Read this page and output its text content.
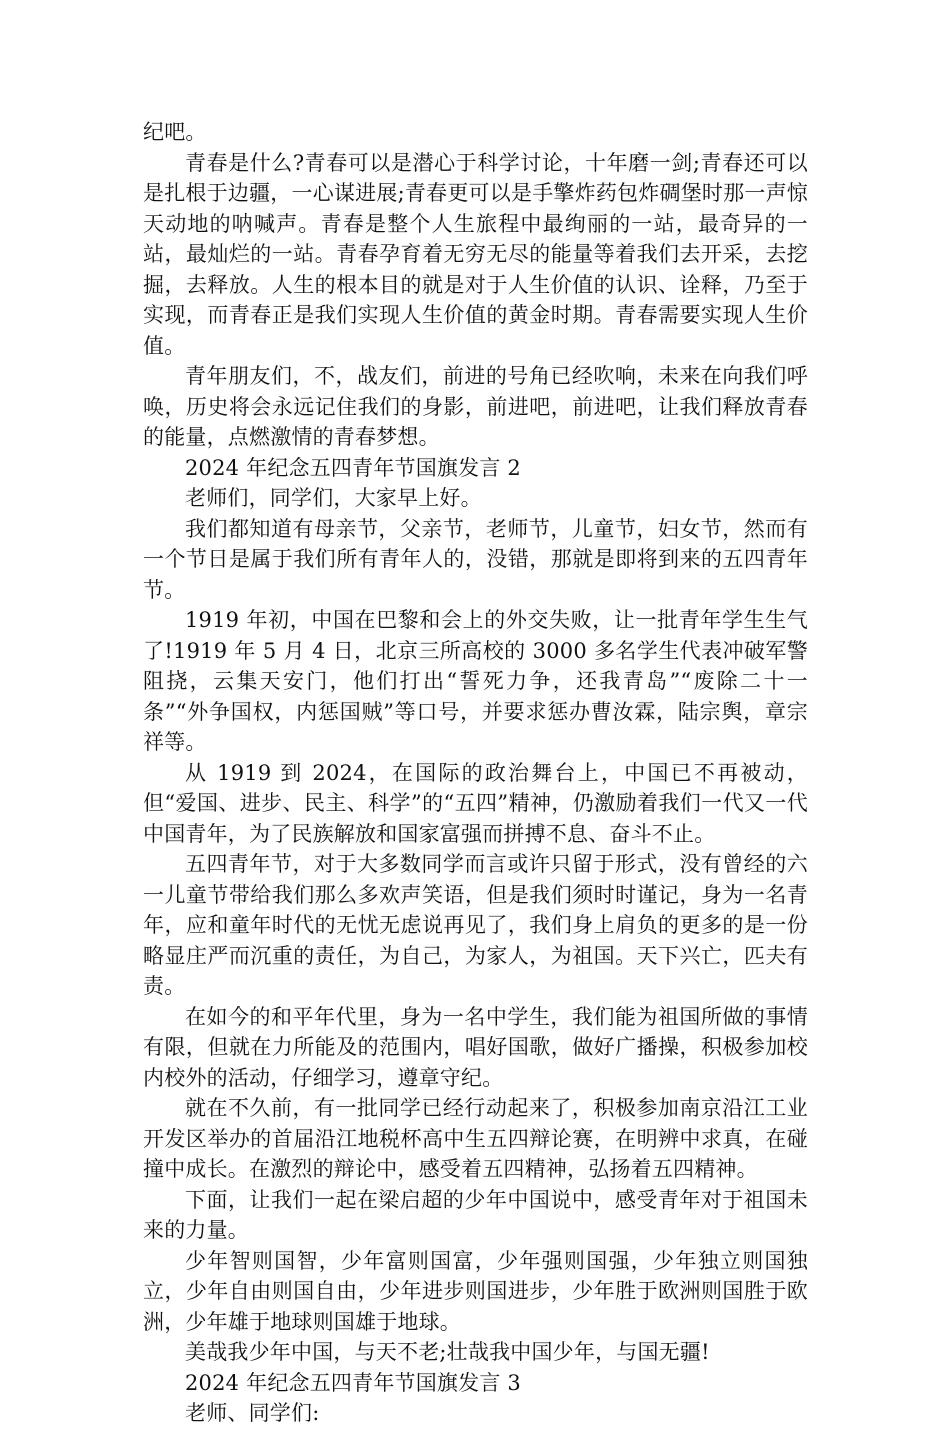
纪吧。

青春是什么?青春可以是潜心于科学讨论，十年磨一剑;青春还可以是扎根于边疆，一心谋进展;青春更可以是手擎炸药包炸碉堡时那一声惊天动地的呐喊声。青春是整个人生旅程中最绚丽的一站，最奇异的一站，最灿烂的一站。青春孕育着无穷无尽的能量等着我们去开采，去挖掘，去释放。人生的根本目的就是对于人生价值的认识、诠释，乃至于实现，而青春正是我们实现人生价值的黄金时期。青春需要实现人生价值。

青年朋友们，不，战友们，前进的号角已经吹响，未来在向我们呼唤，历史将会永远记住我们的身影，前进吧，前进吧，让我们释放青春的能量，点燃激情的青春梦想。

2024 年纪念五四青年节国旗发言 2

老师们，同学们，大家早上好。

我们都知道有母亲节，父亲节，老师节，儿童节，妇女节，然而有一个节日是属于我们所有青年人的，没错，那就是即将到来的五四青年节。

1919 年初，中国在巴黎和会上的外交失败，让一批青年学生生气了!1919 年 5 月 4 日，北京三所高校的 3000 多名学生代表冲破军警阻挠，云集天安门，他们打出“誓死力争，还我青岛”“废除二十一条”“外争国权，内惩国贼”等口号，并要求惩办曹汝霖，陆宗舆，章宗祥等。

从 1919 到 2024，在国际的政治舞台上，中国已不再被动，但“爱国、进步、民主、科学”的“五四”精神，仍激励着我们一代又一代中国青年，为了民族解放和国家富强而拼搏不息、奋斗不止。

五四青年节，对于大多数同学而言或许只留于形式，没有曾经的六一儿童节带给我们那么多欢声笑语，但是我们须时时谨记，身为一名青年，应和童年时代的无忧无虑说再见了，我们身上肩负的更多的是一份略显庄严而沉重的责任，为自己，为家人，为祖国。天下兴亡，匹夫有责。

在如今的和平年代里，身为一名中学生，我们能为祖国所做的事情有限，但就在力所能及的范围内，唱好国歌，做好广播操，积极参加校内校外的活动，仔细学习，遵章守纪。

就在不久前，有一批同学已经行动起来了，积极参加南京沿江工业开发区举办的首届沿江地税杯高中生五四辩论赛，在明辨中求真，在碰撞中成长。在激烈的辩论中，感受着五四精神，弘扬着五四精神。

下面，让我们一起在梁启超的少年中国说中，感受青年对于祖国未来的力量。

少年智则国智，少年富则国富，少年强则国强，少年独立则国独立，少年自由则国自由，少年进步则国进步，少年胜于欧洲则国胜于欧洲，少年雄于地球则国雄于地球。

美哉我少年中国，与天不老;壮哉我中国少年，与国无疆!

2024 年纪念五四青年节国旗发言 3

老师、同学们:
